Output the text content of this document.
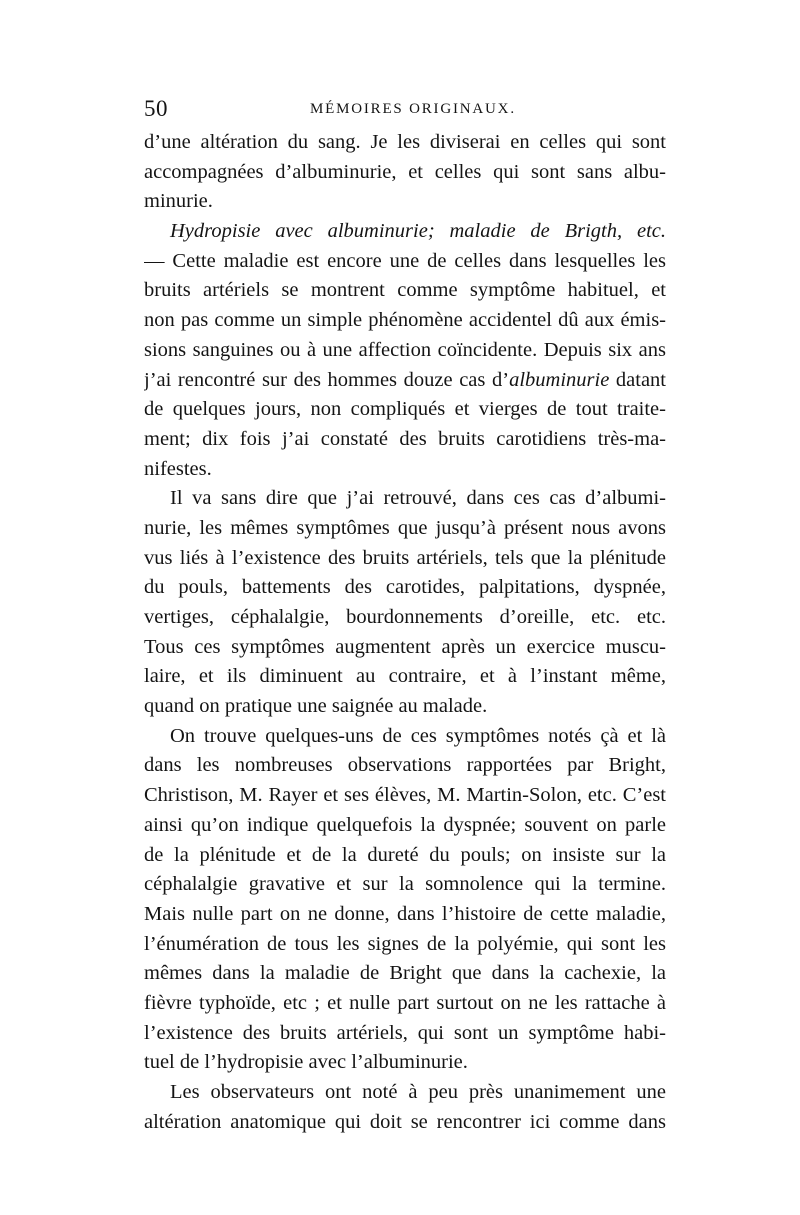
50	MÉMOIRES ORIGINAUX.
d’une altération du sang. Je les diviserai en celles qui sont
accompagnées d’albuminurie, et celles qui sont sans albu-
minurie.
Hydropisie avec albuminurie; maladie de Brigth, etc.
— Cette maladie est encore une de celles dans lesquelles les
bruits artériels se montrent comme symptôme habituel, et
non pas comme un simple phénomène accidentel dû aux émis-
sions sanguines ou à une affection coïncidente. Depuis six ans
j’ai rencontré sur des hommes douze cas d’albuminurie datant
de quelques jours, non compliqués et vierges de tout traite-
ment; dix fois j’ai constaté des bruits carotidiens très-ma-
nifestes.
Il va sans dire que j’ai retrouvé, dans ces cas d’albumi-
nurie, les mêmes symptômes que jusqu’à présent nous avons
vus liés à l’existence des bruits artériels, tels que la plénitude
du pouls, battements des carotides, palpitations, dyspnée,
vertiges, céphalalgie, bourdonnements d’oreille, etc. etc.
Tous ces symptômes augmentent après un exercice muscu-
laire, et ils diminuent au contraire, et à l’instant même,
quand on pratique une saignée au malade.
On trouve quelques-uns de ces symptômes notés çà et là
dans les nombreuses observations rapportées par Bright,
Christison, M. Rayer et ses élèves, M. Martin-Solon, etc. C’est
ainsi qu’on indique quelquefois la dyspnée; souvent on parle
de la plénitude et de la dureté du pouls; on insiste sur la
céphalalgie gravative et sur la somnolence qui la termine.
Mais nulle part on ne donne, dans l’histoire de cette maladie,
l’énumération de tous les signes de la polyémie, qui sont les
mêmes dans la maladie de Bright que dans la cachexie, la
fièvre typhoïde, etc ; et nulle part surtout on ne les rattache à
l’existence des bruits artériels, qui sont un symptôme habi-
tuel de l’hydropisie avec l’albuminurie.
Les observateurs ont noté à peu près unanimement une
altération anatomique qui doit se rencontrer ici comme dans
